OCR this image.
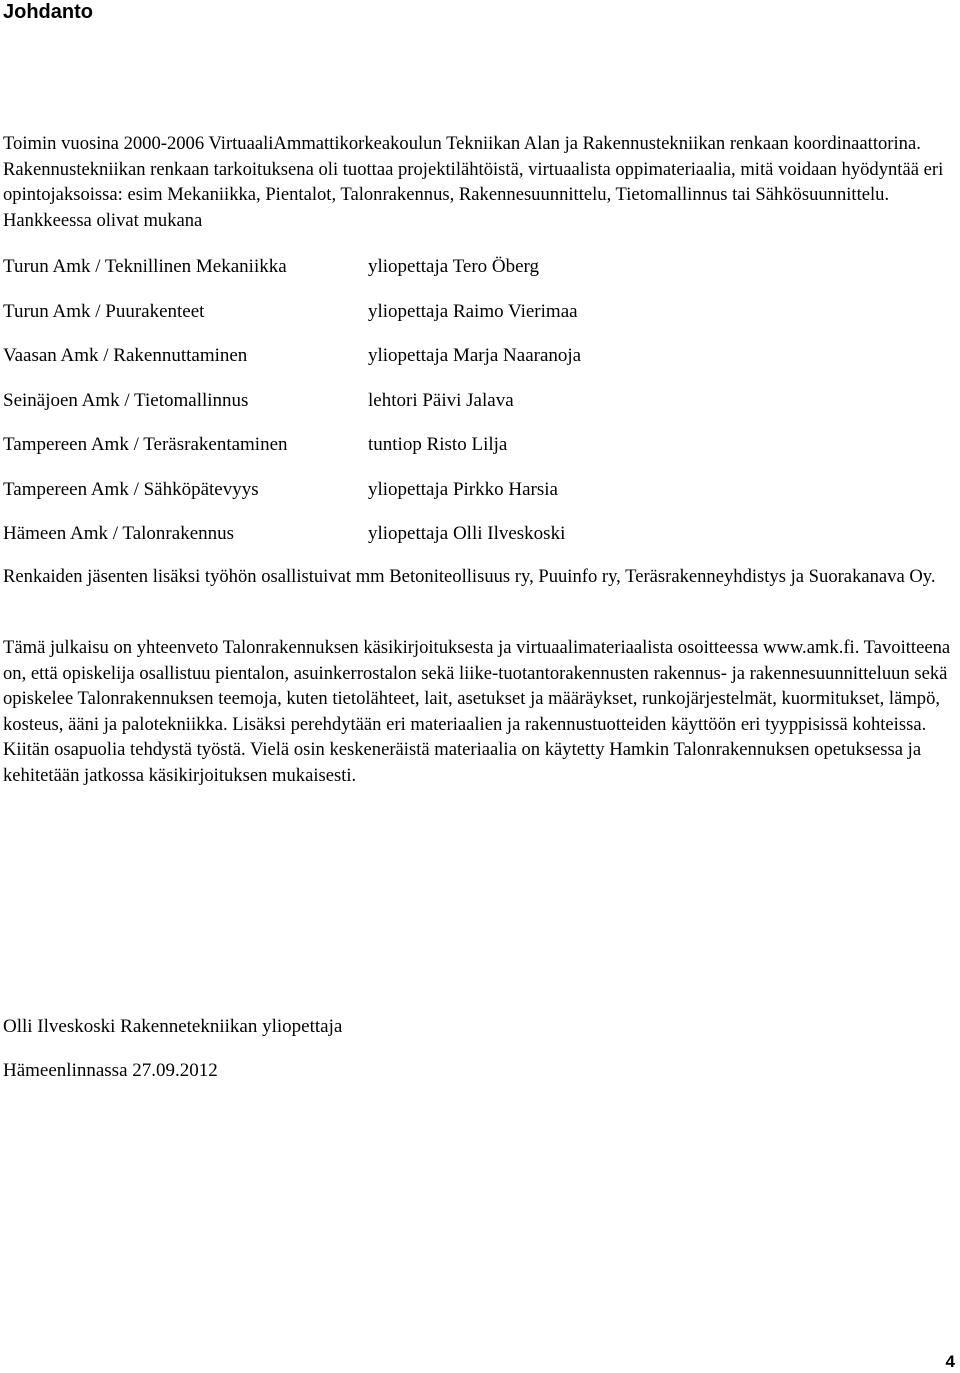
Johdanto

Toimin vuosina 2000-2006 VirtuaaliAmmattikorkeakoulun Tekniikan Alan ja Rakennustekniikan renkaan koordinaattorina. Rakennustekniikan renkaan tarkoituksena oli tuottaa projektilähtöistä, virtuaalista oppimateriaalia, mitä voidaan hyödyntää eri opintojaksoissa: esim Mekaniikka, Pientalot, Talonrakennus, Rakennesuunnittelu, Tietomallinnus tai Sähkösuunnittelu. Hankkeessa olivat mukana

Turun Amk / Teknillinen Mekaniikka	yliopettaja Tero Öberg
Turun Amk / Puurakenteet	yliopettaja Raimo Vierimaa
Vaasan Amk / Rakennuttaminen	yliopettaja Marja Naaranoja
Seinäjoen Amk / Tietomallinnus	lehtori Päivi Jalava
Tampereen Amk / Teräsrakentaminen	tuntiop Risto Lilja
Tampereen Amk / Sähköpätevyys	yliopettaja Pirkko Harsia
Hämeen Amk / Talonrakennus	yliopettaja Olli Ilveskoski

Renkaiden jäsenten lisäksi työhön osallistuivat mm Betoniteollisuus ry, Puuinfo ry, Teräsrakenneyhdistys ja Suorakanava Oy.

Tämä julkaisu on yhteenveto Talonrakennuksen käsikirjoituksesta ja virtuaalimateriaalista osoitteessa www.amk.fi. Tavoitteena on, että opiskelija osallistuu pientalon, asuinkerrostalon sekä liike-tuotantorakennusten rakennus- ja rakennesuunnitteluun sekä opiskelee Talonrakennuksen teemoja, kuten tietolähteet, lait, asetukset ja määräykset, runkojärjestelmät, kuormitukset, lämpö, kosteus, ääni ja palotekniikka. Lisäksi perehdytään eri materiaalien ja rakennustuotteiden käyttöön eri tyyppisissä kohteissa. Kiitän osapuolia tehdystä työstä. Vielä osin keskeneräistä materiaalia on käytetty Hamkin Talonrakennuksen opetuksessa ja kehitetään jatkossa käsikirjoituksen mukaisesti.

Olli Ilveskoski Rakennetekniikan yliopettaja
Hämeenlinnassa 27.09.2012
4
